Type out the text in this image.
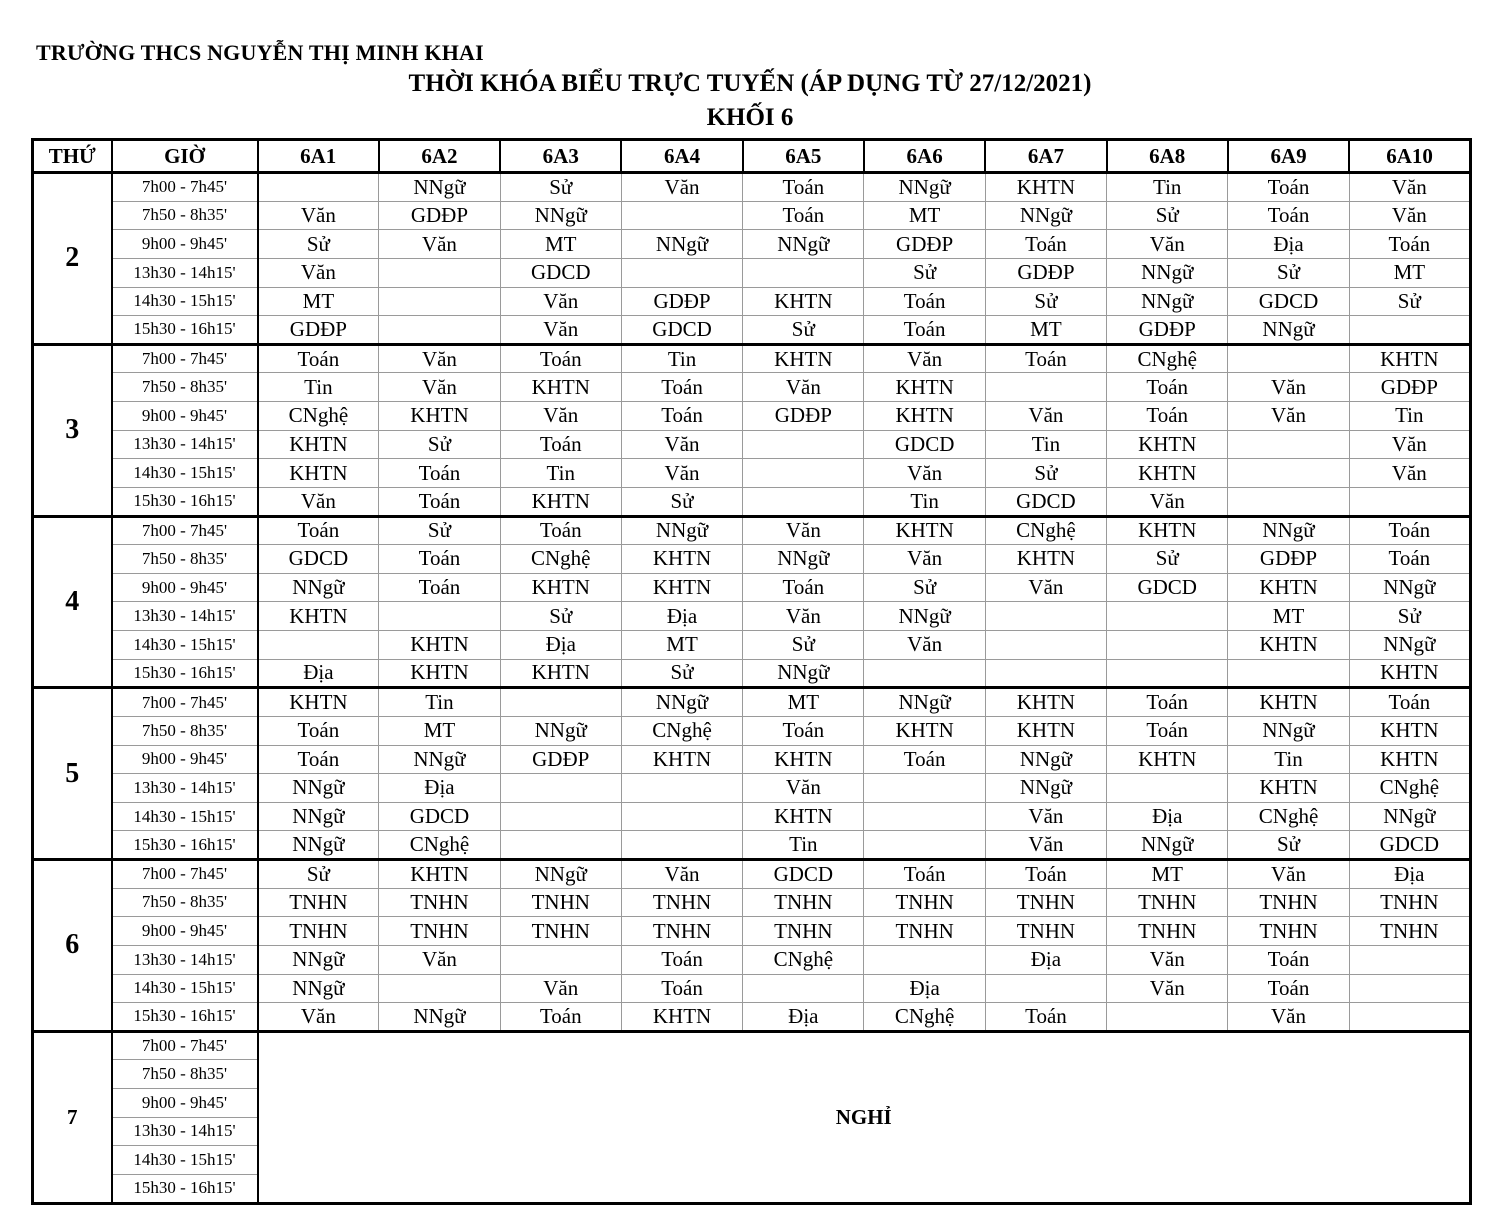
TRƯỜNG THCS NGUYỄN THỊ MINH KHAI
THỜI KHÓA BIỂU TRỰC TUYẾN (ÁP DỤNG TỪ 27/12/2021)
KHỐI 6
THỨ	GIỜ	6A1	6A2	6A3	6A4	6A5	6A6	6A7	6A8	6A9	6A10
2	7h00 - 7h45'		NNgữ	Sử	Văn	Toán	NNgữ	KHTN	Tin	Toán	Văn
	7h50 - 8h35'	Văn	GDĐP	NNgữ		Toán	MT	NNgữ	Sử	Toán	Văn
	9h00 - 9h45'	Sử	Văn	MT	NNgữ	NNgữ	GDĐP	Toán	Văn	Địa	Toán
	13h30 - 14h15'	Văn		GDCD			Sử	GDĐP	NNgữ	Sử	MT
	14h30 - 15h15'	MT		Văn	GDĐP	KHTN	Toán	Sử	NNgữ	GDCD	Sử
	15h30 - 16h15'	GDĐP		Văn	GDCD	Sử	Toán	MT	GDĐP	NNgữ	
3	7h00 - 7h45'	Toán	Văn	Toán	Tin	KHTN	Văn	Toán	CNghệ		KHTN
	7h50 - 8h35'	Tin	Văn	KHTN	Toán	Văn	KHTN		Toán	Văn	GDĐP
	9h00 - 9h45'	CNghệ	KHTN	Văn	Toán	GDĐP	KHTN	Văn	Toán	Văn	Tin
	13h30 - 14h15'	KHTN	Sử	Toán	Văn		GDCD	Tin	KHTN		Văn
	14h30 - 15h15'	KHTN	Toán	Tin	Văn		Văn	Sử	KHTN		Văn
	15h30 - 16h15'	Văn	Toán	KHTN	Sử		Tin	GDCD	Văn		
4	7h00 - 7h45'	Toán	Sử	Toán	NNgữ	Văn	KHTN	CNghệ	KHTN	NNgữ	Toán
	7h50 - 8h35'	GDCD	Toán	CNghệ	KHTN	NNgữ	Văn	KHTN	Sử	GDĐP	Toán
	9h00 - 9h45'	NNgữ	Toán	KHTN	KHTN	Toán	Sử	Văn	GDCD	KHTN	NNgữ
	13h30 - 14h15'	KHTN		Sử	Địa	Văn	NNgữ			MT	Sử
	14h30 - 15h15'		KHTN	Địa	MT	Sử	Văn			KHTN	NNgữ
	15h30 - 16h15'	Địa	KHTN	KHTN	Sử	NNgữ					KHTN
5	7h00 - 7h45'	KHTN	Tin		NNgữ	MT	NNgữ	KHTN	Toán	KHTN	Toán
	7h50 - 8h35'	Toán	MT	NNgữ	CNghệ	Toán	KHTN	KHTN	Toán	NNgữ	KHTN
	9h00 - 9h45'	Toán	NNgữ	GDĐP	KHTN	KHTN	Toán	NNgữ	KHTN	Tin	KHTN
	13h30 - 14h15'	NNgữ	Địa			Văn		NNgữ		KHTN	CNghệ
	14h30 - 15h15'	NNgữ	GDCD			KHTN		Văn	Địa	CNghệ	NNgữ
	15h30 - 16h15'	NNgữ	CNghệ			Tin		Văn	NNgữ	Sử	GDCD
6	7h00 - 7h45'	Sử	KHTN	NNgữ	Văn	GDCD	Toán	Toán	MT	Văn	Địa
	7h50 - 8h35'	TNHN	TNHN	TNHN	TNHN	TNHN	TNHN	TNHN	TNHN	TNHN	TNHN
	9h00 - 9h45'	TNHN	TNHN	TNHN	TNHN	TNHN	TNHN	TNHN	TNHN	TNHN	TNHN
	13h30 - 14h15'	NNgữ	Văn		Toán	CNghệ		Địa	Văn	Toán	
	14h30 - 15h15'	NNgữ		Văn	Toán		Địa		Văn	Toán	
	15h30 - 16h15'	Văn	NNgữ	Toán	KHTN	Địa	CNghệ	Toán		Văn	
7	7h00 - 7h45'	NGHỈ									
	7h50 - 8h35'										
	9h00 - 9h45'										
	13h30 - 14h15'										
	14h30 - 15h15'										
	15h30 - 16h15'										
